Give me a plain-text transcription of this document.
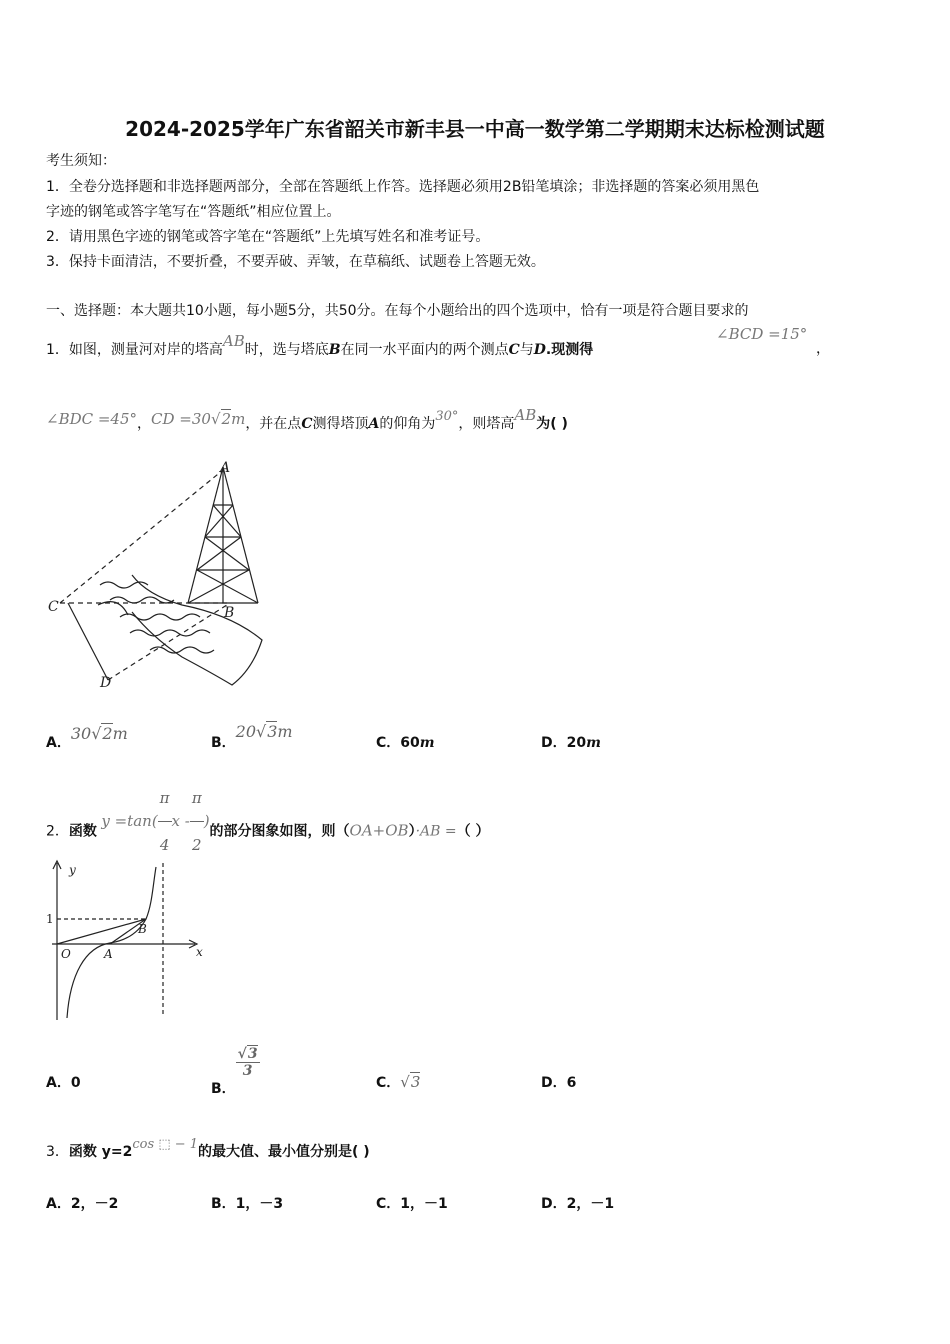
2024-2025学年广东省韶关市新丰县一中高一数学第二学期期末达标检测试题
考生须知：
1．全卷分选择题和非选择题两部分，全部在答题纸上作答。选择题必须用2B铅笔填涂；非选择题的答案必须用黑色
字迹的钢笔或答字笔写在“答题纸”相应位置上。
2．请用黑色字迹的钢笔或答字笔在“答题纸”上先填写姓名和准考证号。
3．保持卡面清洁，不要折叠，不要弄破、弄皱，在草稿纸、试题卷上答题无效。
一、选择题：本大题共10小题，每小题5分，共50分。在每个小题给出的四个选项中，恰有一项是符合题目要求的
1．如图，测量河对岸的塔高AB时，选与塔底B在同一水平面内的两个测点C与D.现测得
∠BCD =15°
，
∠BDC =45°，CD =30√2m，并在点C测得塔顶A的仰角为30°，则塔高AB为( )
A
B
C
D
A．30√2m	B．20√3m
C．60m	D．20m
2．函数 $y =\tan( \frac{\pi}{4}$ x - $\frac{\pi}{2}$ )的部分图象如图，则（OA+OB）·AB =（ ）
y
x
1
O	A
B
A．0	B．
$\frac{√3}{3}$
C．√3	D．6
3．函数 y=2cos ⬚ − 1的最大值、最小值分别是( )
A．2，－2	B．1，－3	C．1，－1	D．2，－1
